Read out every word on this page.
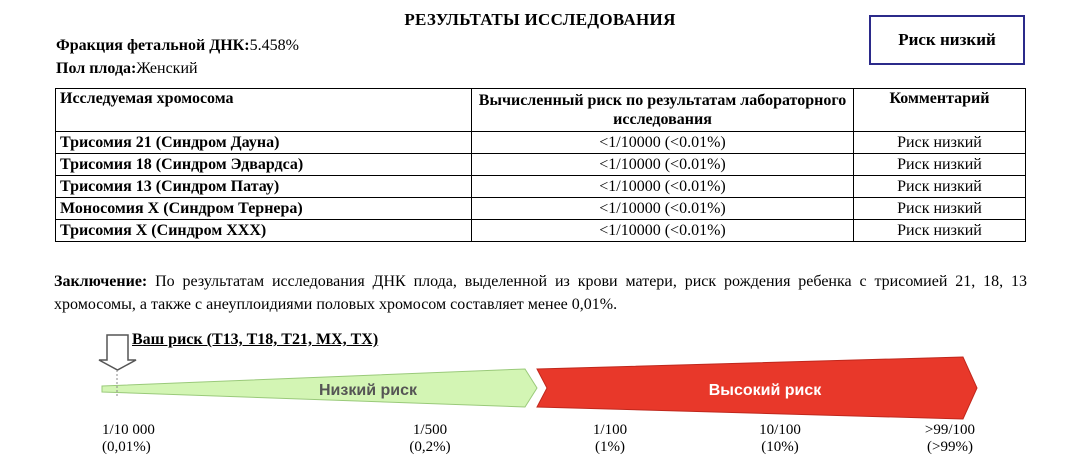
РЕЗУЛЬТАТЫ ИССЛЕДОВАНИЯ
Риск низкий
Фракция фетальной ДНК:5.458%
Пол плода:Женский
Исследуемая хромосома	Вычисленный риск по результатам лабораторного исследования	Комментарий
Трисомия 21 (Синдром Дауна)	<1/10000 (<0.01%)	Риск низкий
Трисомия 18 (Синдром Эдвардса)	<1/10000 (<0.01%)	Риск низкий
Трисомия 13 (Синдром Патау)	<1/10000 (<0.01%)	Риск низкий
Моносомия X (Синдром Тернера)	<1/10000 (<0.01%)	Риск низкий
Трисомия X (Синдром XXX)	<1/10000 (<0.01%)	Риск низкий
Заключение: По результатам исследования ДНК плода, выделенной из крови матери, риск рождения ребенка с трисомией 21, 18, 13 хромосомы, а также с анеуплоидиями половых хромосом составляет менее 0,01%.
Ваш риск (Т13, Т18, Т21, МХ, ТХ)
Низкий риск	Высокий риск
1/10 000
(0,01%)
1/500
(0,2%)
1/100
(1%)
10/100
(10%)
>99/100
(>99%)
